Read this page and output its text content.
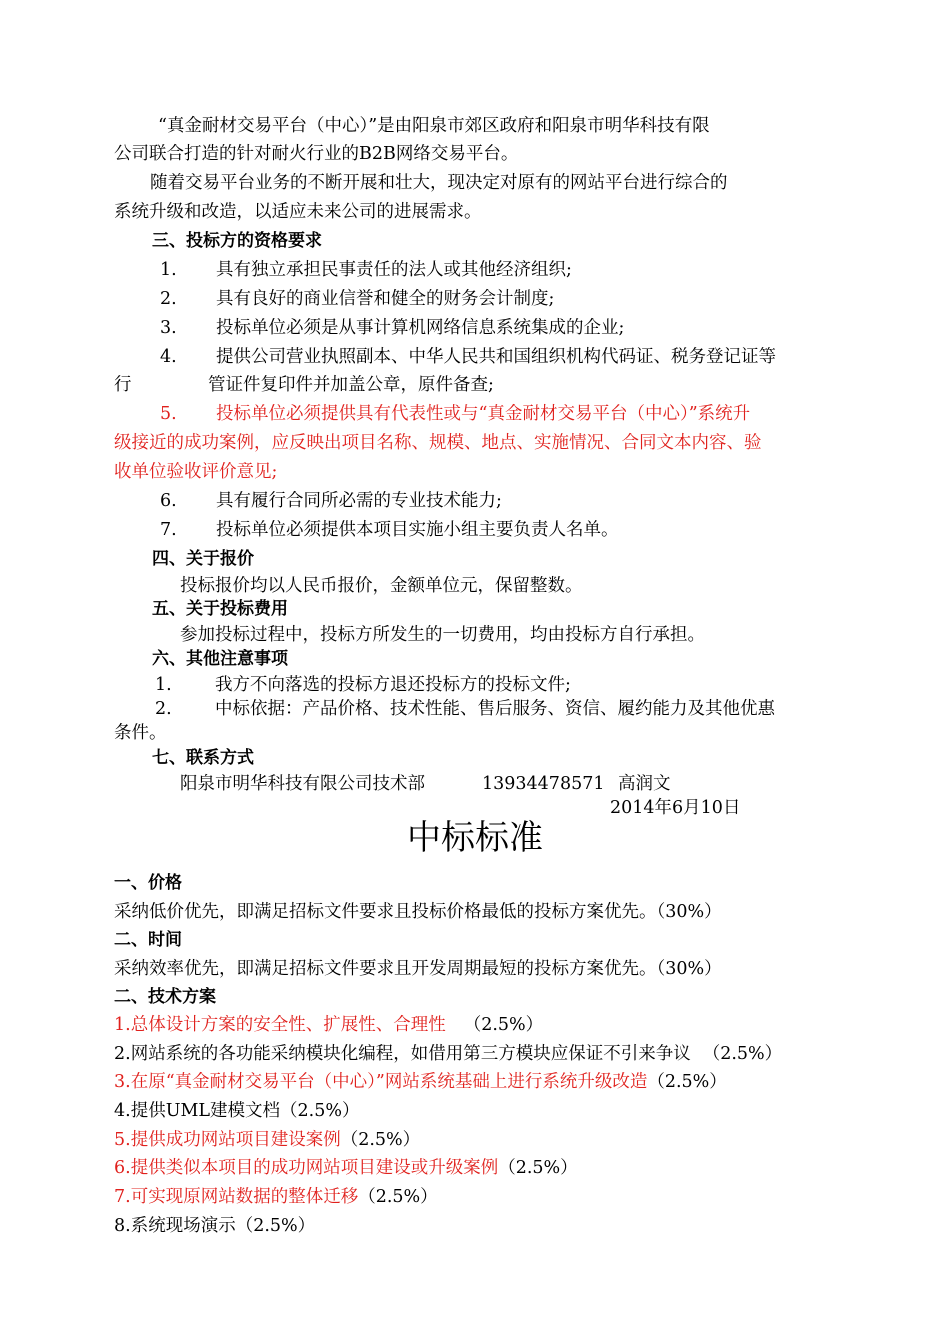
“真金耐材交易平台（中心）”是由阳泉市郊区政府和阳泉市明华科技有限
公司联合打造的针对耐火行业的B2B网络交易平台。
随着交易平台业务的不断开展和壮大，现决定对原有的网站平台进行综合的
系统升级和改造，以适应未来公司的进展需求。
三、投标方的资格要求
1. 具有独立承担民事责任的法人或其他经济组织;
2. 具有良好的商业信誉和健全的财务会计制度;
3. 投标单位必须是从事计算机网络信息系统集成的企业;
4. 提供公司营业执照副本、中华人民共和国组织机构代码证、税务登记证等
行	管证件复印件并加盖公章，原件备查;
5. 投标单位必须提供具有代表性或与“真金耐材交易平台（中心）”系统升
级接近的成功案例，应反映出项目名称、规模、地点、实施情况、合同文本内容、验
收单位验收评价意见;
6. 具有履行合同所必需的专业技术能力;
7. 投标单位必须提供本项目实施小组主要负责人名单。
四、关于报价
投标报价均以人民币报价，金额单位元，保留整数。
五、关于投标费用
参加投标过程中，投标方所发生的一切费用，均由投标方自行承担。
六、其他注意事项
1. 我方不向落选的投标方退还投标方的投标文件;
2. 中标依据：产品价格、技术性能、售后服务、资信、履约能力及其他优惠
条件。
七、联系方式
阳泉市明华科技有限公司技术部	13934478571 高润文
2014年6月10日
中标标准
一、价格
采纳低价优先，即满足招标文件要求且投标价格最低的投标方案优先。（30%）
二、时间
采纳效率优先，即满足招标文件要求且开发周期最短的投标方案优先。（30%）
二、技术方案
1.总体设计方案的安全性、扩展性、合理性 （2.5%）
2.网站系统的各功能采纳模块化编程，如借用第三方模块应保证不引来争议 （2.5%）
3.在原“真金耐材交易平台（中心）”网站系统基础上进行系统升级改造（2.5%）
4.提供UML建模文档（2.5%）
5.提供成功网站项目建设案例（2.5%）
6.提供类似本项目的成功网站项目建设或升级案例（2.5%）
7.可实现原网站数据的整体迁移（2.5%）
8.系统现场演示（2.5%）
